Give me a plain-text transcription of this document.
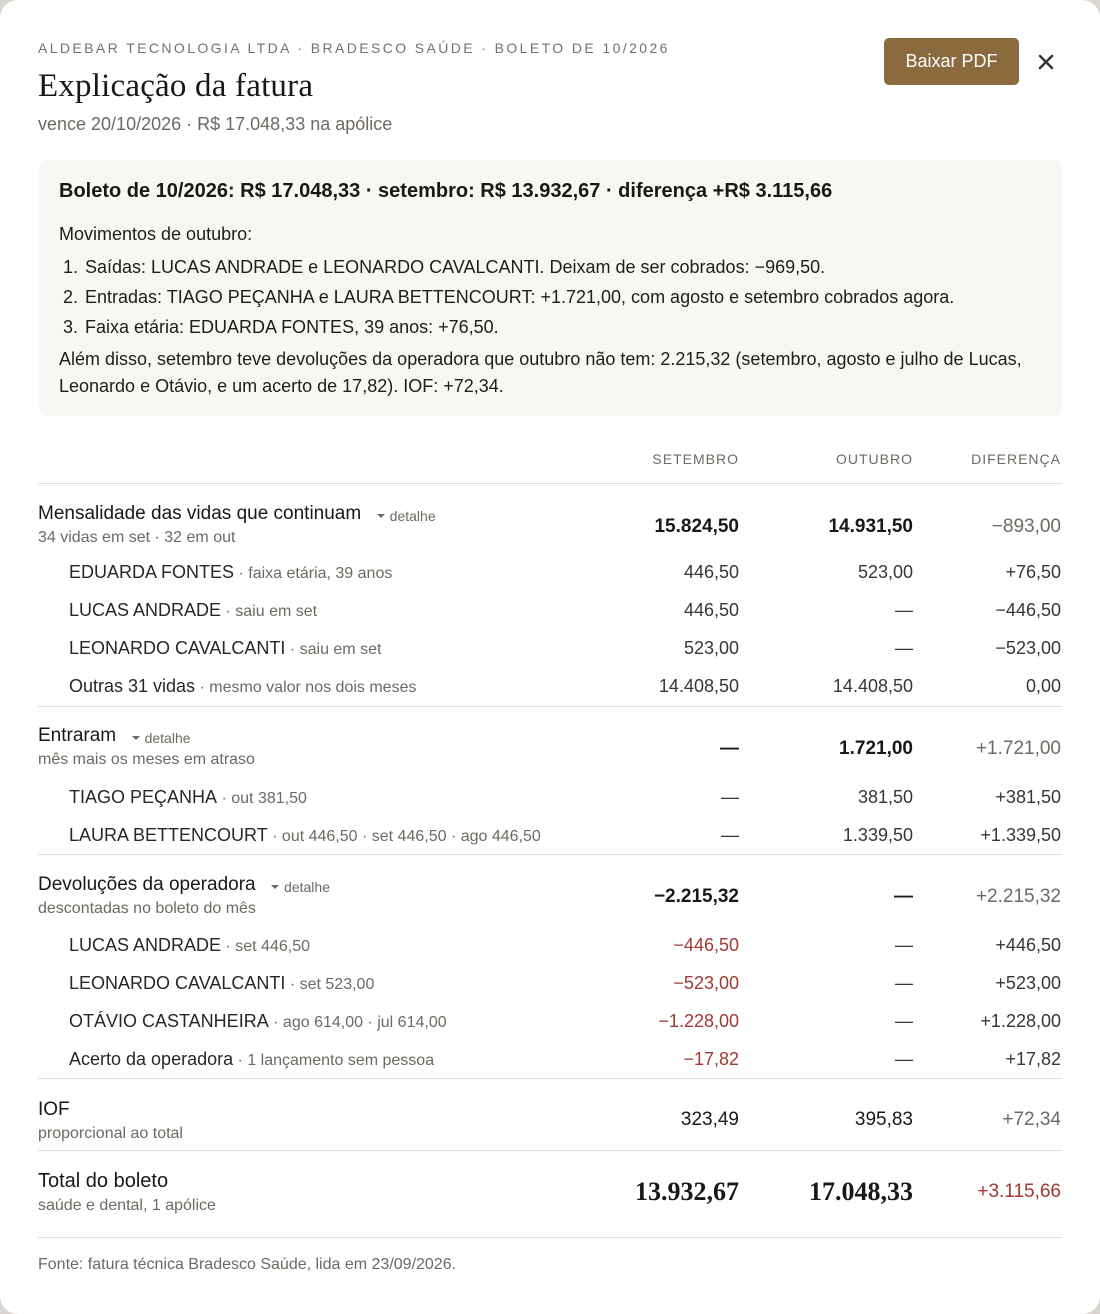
ALDEBAR TECNOLOGIA LTDA · BRADESCO SAÚDE · BOLETO DE 10/2026
Explicação da fatura
vence 20/10/2026 · R$ 17.048,33 na apólice
Baixar PDF
Boleto de 10/2026: R$ 17.048,33 · setembro: R$ 13.932,67 · diferença +R$ 3.115,66
Movimentos de outubro:
1. Saídas: LUCAS ANDRADE e LEONARDO CAVALCANTI. Deixam de ser cobrados: −969,50.
2. Entradas: TIAGO PEÇANHA e LAURA BETTENCOURT: +1.721,00, com agosto e setembro cobrados agora.
3. Faixa etária: EDUARDA FONTES, 39 anos: +76,50.
Além disso, setembro teve devoluções da operadora que outubro não tem: 2.215,32 (setembro, agosto e julho de Lucas, Leonardo e Otávio, e um acerto de 17,82). IOF: +72,34.
SETEMBRO	OUTUBRO	DIFERENÇA
Mensalidade das vidas que continuam detalhe
34 vidas em set · 32 em out
15.824,50	14.931,50	−893,00
EDUARDA FONTES · faixa etária, 39 anos	446,50	523,00	+76,50
LUCAS ANDRADE · saiu em set	446,50	—	−446,50
LEONARDO CAVALCANTI · saiu em set	523,00	—	−523,00
Outras 31 vidas · mesmo valor nos dois meses	14.408,50	14.408,50	0,00
Entraram detalhe
mês mais os meses em atraso
—	1.721,00	+1.721,00
TIAGO PEÇANHA · out 381,50	—	381,50	+381,50
LAURA BETTENCOURT · out 446,50 · set 446,50 · ago 446,50	—	1.339,50	+1.339,50
Devoluções da operadora detalhe
descontadas no boleto do mês
−2.215,32	—	+2.215,32
LUCAS ANDRADE · set 446,50	−446,50	—	+446,50
LEONARDO CAVALCANTI · set 523,00	−523,00	—	+523,00
OTÁVIO CASTANHEIRA · ago 614,00 · jul 614,00	−1.228,00	—	+1.228,00
Acerto da operadora · 1 lançamento sem pessoa	−17,82	—	+17,82
IOF
proporcional ao total
323,49	395,83	+72,34
Total do boleto
saúde e dental, 1 apólice	13.932,67	17.048,33	+3.115,66
Fonte: fatura técnica Bradesco Saúde, lida em 23/09/2026.
